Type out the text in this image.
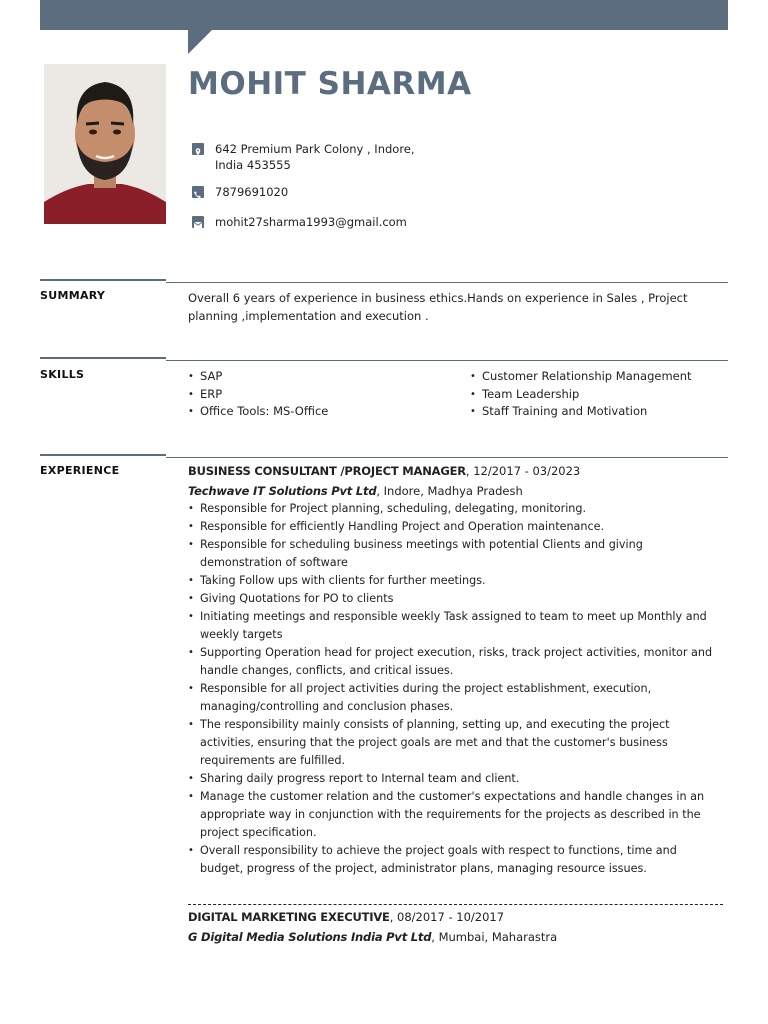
MOHIT SHARMA
642 Premium Park Colony , Indore, India 453555
7879691020
mohit27sharma1993@gmail.com
SUMMARY	Overall 6 years of experience in business ethics.Hands on experience in Sales , Project planning ,implementation and execution .
SKILLS
•	SAP
• ERP
• Office Tools: MS-Office
• Customer Relationship Management
• Team Leadership
• Staff Training and Motivation
EXPERIENCE	BUSINESS CONSULTANT /PROJECT MANAGER, 12/2017 - 03/2023
Techwave IT Solutions Pvt Ltd, Indore, Madhya Pradesh
• Responsible for Project planning, scheduling, delegating, monitoring.
• Responsible for efficiently Handling Project and Operation maintenance.
• Responsible for scheduling business meetings with potential Clients and giving demonstration of software
• Taking Follow ups with clients for further meetings.
• Giving Quotations for PO to clients
• Initiating meetings and responsible weekly Task assigned to team to meet up Monthly and weekly targets
• Supporting Operation head for project execution, risks, track project activities, monitor and handle changes, conflicts, and critical issues.
• Responsible for all project activities during the project establishment, execution, managing/controlling and conclusion phases.
• The responsibility mainly consists of planning, setting up, and executing the project activities, ensuring that the project goals are met and that the customer's business requirements are fulfilled.
• Sharing daily progress report to Internal team and client.
• Manage the customer relation and the customer's expectations and handle changes in an appropriate way in conjunction with the requirements for the projects as described in the project specification.
• Overall responsibility to achieve the project goals with respect to functions, time and budget, progress of the project, administrator plans, managing resource issues.
DIGITAL MARKETING EXECUTIVE, 08/2017 - 10/2017
G Digital Media Solutions India Pvt Ltd, Mumbai, Maharastra
